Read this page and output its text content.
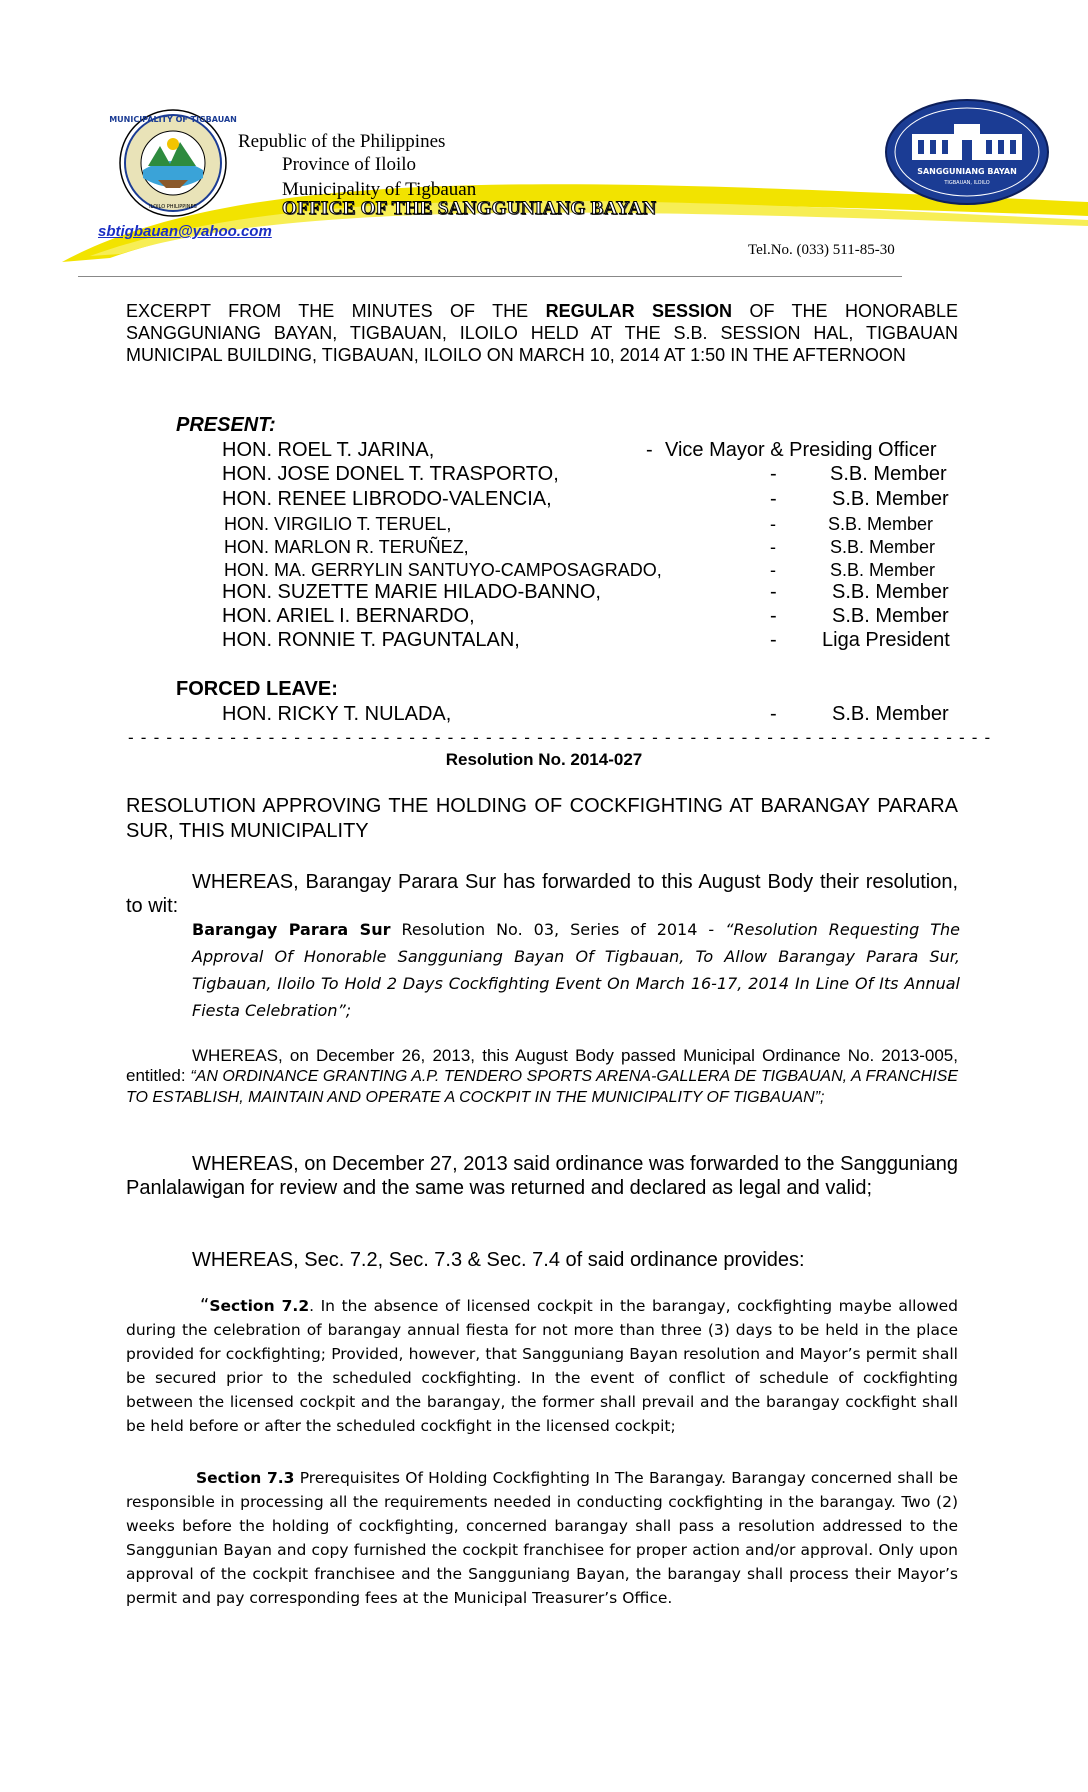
MUNICIPALITY OF TIGBAUAN
ILOILO PHILIPPINES
Republic of the Philippines
Province of Iloilo
Municipality of Tigbauan
OFFICE OF THE SANGGUNIANG BAYAN
sbtigbauan@yahoo.com
SANGGUNIANG BAYAN
TIGBAUAN, ILOILO
Tel.No. (033) 511-85-30

EXCERPT FROM THE MINUTES OF THE REGULAR SESSION OF THE HONORABLE SANGGUNIANG BAYAN, TIGBAUAN, ILOILO HELD AT THE S.B. SESSION HAL, TIGBAUAN MUNICIPAL BUILDING, TIGBAUAN, ILOILO ON MARCH 10, 2014 AT 1:50 IN THE AFTERNOON

PRESENT:
HON. ROEL T. JARINA,	- Vice Mayor & Presiding Officer
HON. JOSE DONEL T. TRASPORTO,	-	S.B. Member
HON. RENEE LIBRODO-VALENCIA,	-	S.B. Member
HON. VIRGILIO T. TERUEL,	-	S.B. Member
HON. MARLON R. TERUÑEZ,	-	S.B. Member
HON. MA. GERRYLIN SANTUYO-CAMPOSAGRADO,	-	S.B. Member
HON. SUZETTE MARIE HILADO-BANNO,	-	S.B. Member
HON. ARIEL I. BERNARDO,	-	S.B. Member
HON. RONNIE T. PAGUNTALAN,	- Liga President
FORCED LEAVE:
HON. RICKY T. NULADA,	-	S.B. Member
- - - - - - - - - - - - - - - - - - - - - - - - - - - - - - - - - - - - - - - - - - - - - - - - - - - - - - - - - - - - - - - - - - - -
Resolution No. 2014-027

RESOLUTION APPROVING THE HOLDING OF COCKFIGHTING AT BARANGAY PARARA SUR, THIS MUNICIPALITY

WHEREAS, Barangay Parara Sur has forwarded to this August Body their resolution, to wit:

Barangay Parara Sur Resolution No. 03, Series of 2014 - “Resolution Requesting The Approval Of Honorable Sangguniang Bayan Of Tigbauan, To Allow Barangay Parara Sur, Tigbauan, Iloilo To Hold 2 Days Cockfighting Event On March 16-17, 2014 In Line Of Its Annual Fiesta Celebration”;

WHEREAS, on December 26, 2013, this August Body passed Municipal Ordinance No. 2013-005, entitled: “AN ORDINANCE GRANTING A.P. TENDERO SPORTS ARENA-GALLERA DE TIGBAUAN, A FRANCHISE TO ESTABLISH, MAINTAIN AND OPERATE A COCKPIT IN THE MUNICIPALITY OF TIGBAUAN”;

WHEREAS, on December 27, 2013 said ordinance was forwarded to the Sangguniang Panlalawigan for review and the same was returned and declared as legal and valid;

WHEREAS, Sec. 7.2, Sec. 7.3 & Sec. 7.4 of said ordinance provides:

“Section 7.2. In the absence of licensed cockpit in the barangay, cockfighting maybe allowed during the celebration of barangay annual fiesta for not more than three (3) days to be held in the place provided for cockfighting; Provided, however, that Sangguniang Bayan resolution and Mayor’s permit shall be secured prior to the scheduled cockfighting. In the event of conflict of schedule of cockfighting between the licensed cockpit and the barangay, the former shall prevail and the barangay cockfight shall be held before or after the scheduled cockfight in the licensed cockpit;

Section 7.3 Prerequisites Of Holding Cockfighting In The Barangay. Barangay concerned shall be responsible in processing all the requirements needed in conducting cockfighting in the barangay. Two (2) weeks before the holding of cockfighting, concerned barangay shall pass a resolution addressed to the Sanggunian Bayan and copy furnished the cockpit franchisee for proper action and/or approval. Only upon approval of the cockpit franchisee and the Sangguniang Bayan, the barangay shall process their Mayor’s permit and pay corresponding fees at the Municipal Treasurer’s Office.
